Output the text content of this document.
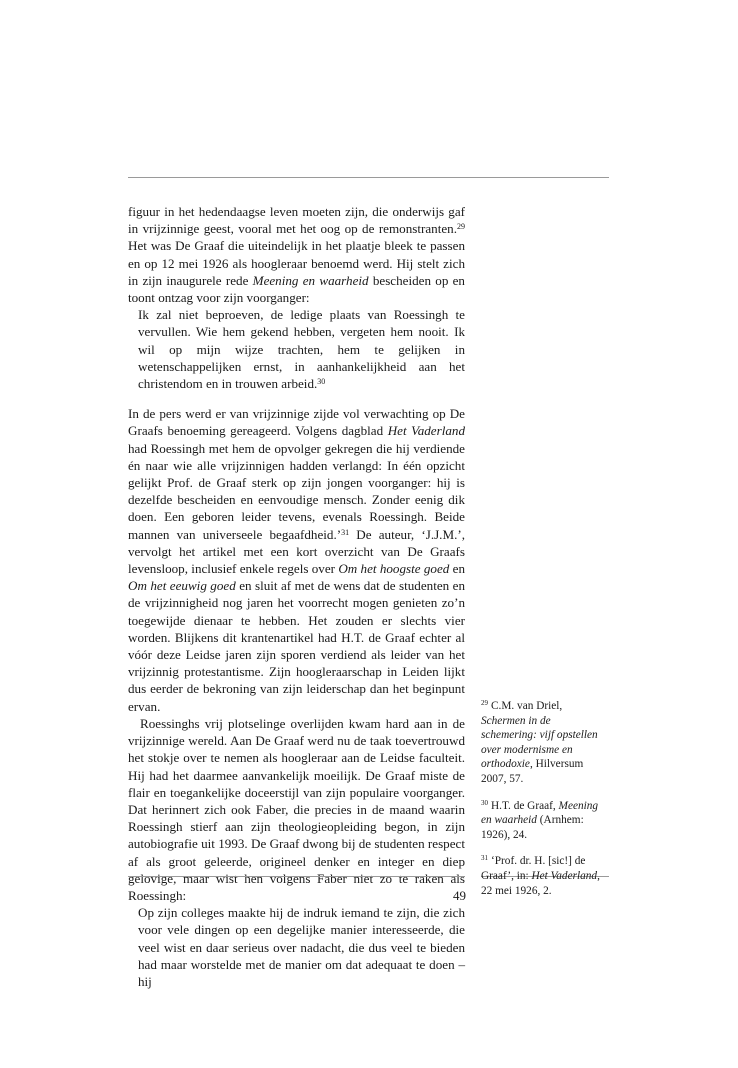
figuur in het hedendaagse leven moeten zijn, die onderwijs gaf in vrijzinnige geest, vooral met het oog op de remonstranten.$^{29}$ Het was De Graaf die uiteindelijk in het plaatje bleek te passen en op 12 mei 1926 als hoogleraar benoemd werd. Hij stelt zich in zijn inaugurele rede Meening en waarheid bescheiden op en toont ontzag voor zijn voorganger:

Ik zal niet beproeven, de ledige plaats van Roessingh te vervullen. Wie hem gekend hebben, vergeten hem nooit. Ik wil op mijn wijze trachten, hem te gelijken in wetenschappelijken ernst, in aanhankelijkheid aan het christendom en in trouwen arbeid.$^{30}$

In de pers werd er van vrijzinnige zijde vol verwachting op De Graafs benoeming gereageerd. Volgens dagblad Het Vaderland had Roessingh met hem de opvolger gekregen die hij verdiende én naar wie alle vrijzinnigen hadden verlangd: In één opzicht gelijkt Prof. de Graaf sterk op zijn jongen voorganger: hij is dezelfde bescheiden en eenvoudige mensch. Zonder eenig dik doen. Een geboren leider tevens, evenals Roessingh. Beide mannen van universeele begaafdheid.’$^{31}$ De auteur, ‘J.J.M.’, vervolgt het artikel met een kort overzicht van De Graafs levensloop, inclusief enkele regels over Om het hoogste goed en Om het eeuwig goed en sluit af met de wens dat de studenten en de vrijzinnigheid nog jaren het voorrecht mogen genieten zo’n toegewijde dienaar te hebben. Het zouden er slechts vier worden. Blijkens dit krantenartikel had H.T. de Graaf echter al vóór deze Leidse jaren zijn sporen verdiend als leider van het vrijzinnig protestantisme. Zijn hoogleraarschap in Leiden lijkt dus eerder de bekroning van zijn leiderschap dan het beginpunt ervan.

Roessinghs vrij plotselinge overlijden kwam hard aan in de vrijzinnige wereld. Aan De Graaf werd nu de taak toevertrouwd het stokje over te nemen als hoogleraar aan de Leidse faculteit. Hij had het daarmee aanvankelijk moeilijk. De Graaf miste de flair en toegankelijke doceerstijl van zijn populaire voorganger. Dat herinnert zich ook Faber, die precies in de maand waarin Roessingh stierf aan zijn theologieopleiding begon, in zijn autobiografie uit 1993. De Graaf dwong bij de studenten respect af als groot geleerde, origineel denker en integer en diep gelovige, maar wist hen volgens Faber niet zo te raken als Roessingh:

Op zijn colleges maakte hij de indruk iemand te zijn, die zich voor vele dingen op een degelijke manier interesseerde, die veel wist en daar serieus over nadacht, die dus veel te bieden had maar worstelde met de manier om dat adequaat te doen – hij

$^{29}$ C.M. van Driel, Schermen in de schemering: vijf opstellen over modernisme en orthodoxie, Hilversum 2007, 57.

$^{30}$ H.T. de Graaf, Meening en waarheid (Arnhem: 1926), 24.

$^{31}$ ‘Prof. dr. H. [sic!] de Graaf’, in: Het Vaderland, 22 mei 1926, 2.

49
